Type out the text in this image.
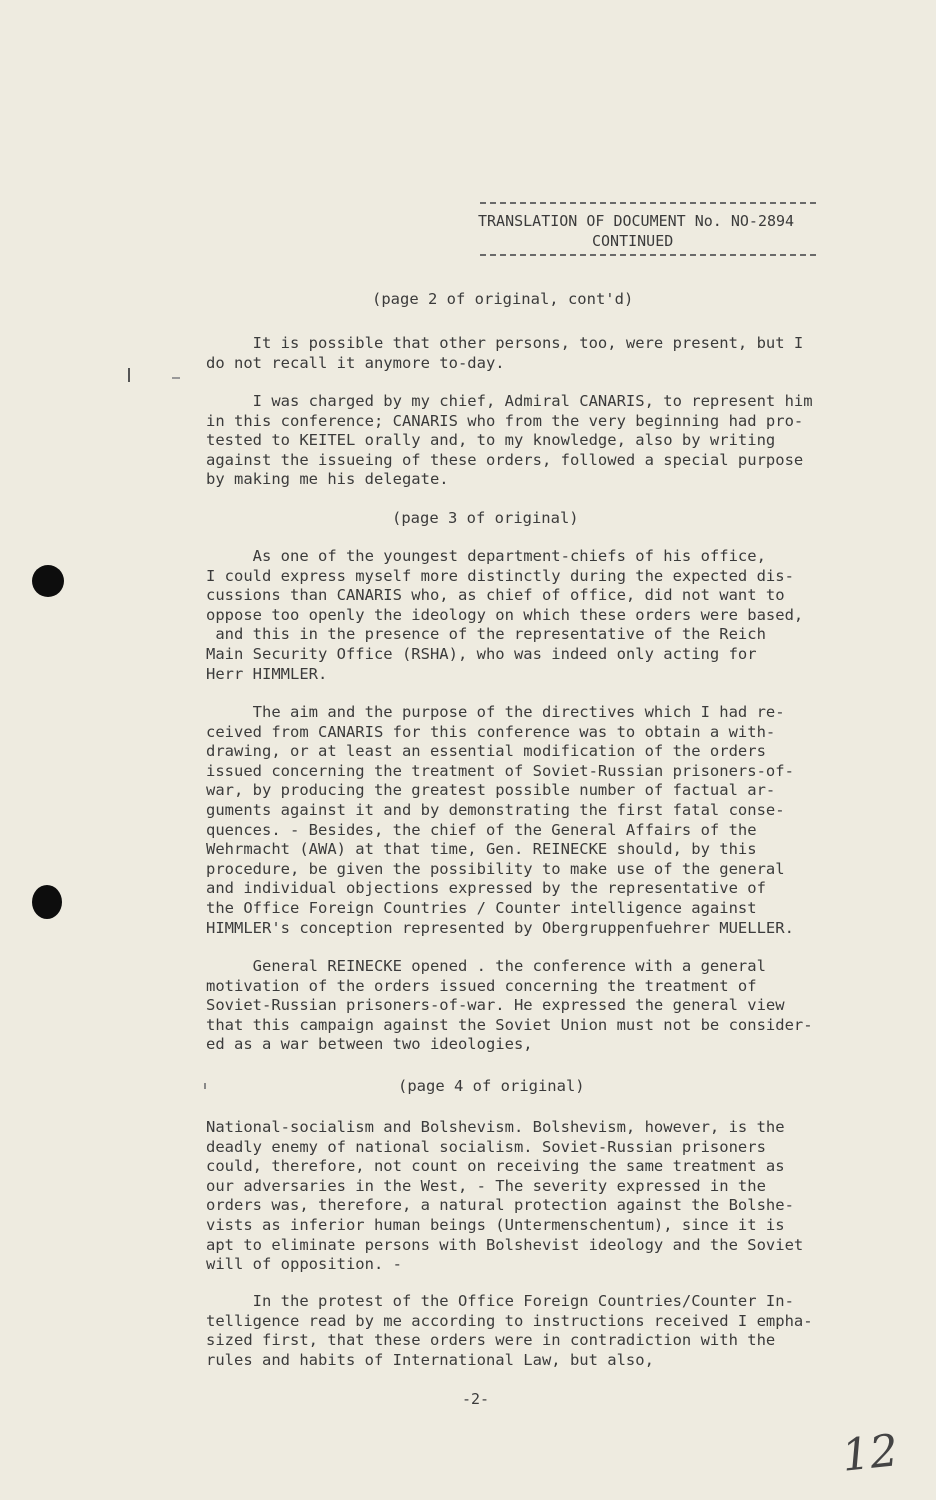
TRANSLATION OF DOCUMENT No. NO-2894
CONTINUED
(page 2 of original, cont'd)
It is possible that other persons, too, were present, but I
do not recall it anymore to-day.
I was charged by my chief, Admiral CANARIS, to represent him
in this conference; CANARIS who from the very beginning had pro-
tested to KEITEL orally and, to my knowledge, also by writing
against the issueing of these orders, followed a special purpose
by making me his delegate.
(page 3 of original)
As one of the youngest department-chiefs of his office,
I could express myself more distinctly during the expected dis-
cussions than CANARIS who, as chief of office, did not want to
oppose too openly the ideology on which these orders were based,
and this in the presence of the representative of the Reich
Main Security Office (RSHA), who was indeed only acting for
Herr HIMMLER.
The aim and the purpose of the directives which I had re-
ceived from CANARIS for this conference was to obtain a with-
drawing, or at least an essential modification of the orders
issued concerning the treatment of Soviet-Russian prisoners-of-
war, by producing the greatest possible number of factual ar-
guments against it and by demonstrating the first fatal conse-
quences. - Besides, the chief of the General Affairs of the
Wehrmacht (AWA) at that time, Gen. REINECKE should, by this
procedure, be given the possibility to make use of the general
and individual objections expressed by the representative of
the Office Foreign Countries / Counter intelligence against
HIMMLER's conception represented by Obergruppenfuehrer MUELLER.
General REINECKE opened . the conference with a general
motivation of the orders issued concerning the treatment of
Soviet-Russian prisoners-of-war. He expressed the general view
that this campaign against the Soviet Union must not be consider-
ed as a war between two ideologies,
(page 4 of original)
National-socialism and Bolshevism. Bolshevism, however, is the
deadly enemy of national socialism. Soviet-Russian prisoners
could, therefore, not count on receiving the same treatment as
our adversaries in the West, - The severity expressed in the
orders was, therefore, a natural protection against the Bolshe-
vists as inferior human beings (Untermenschentum), since it is
apt to eliminate persons with Bolshevist ideology and the Soviet
will of opposition. -
In the protest of the Office Foreign Countries/Counter In-
telligence read by me according to instructions received I empha-
sized first, that these orders were in contradiction with the
rules and habits of International Law, but also,
-2-
12
